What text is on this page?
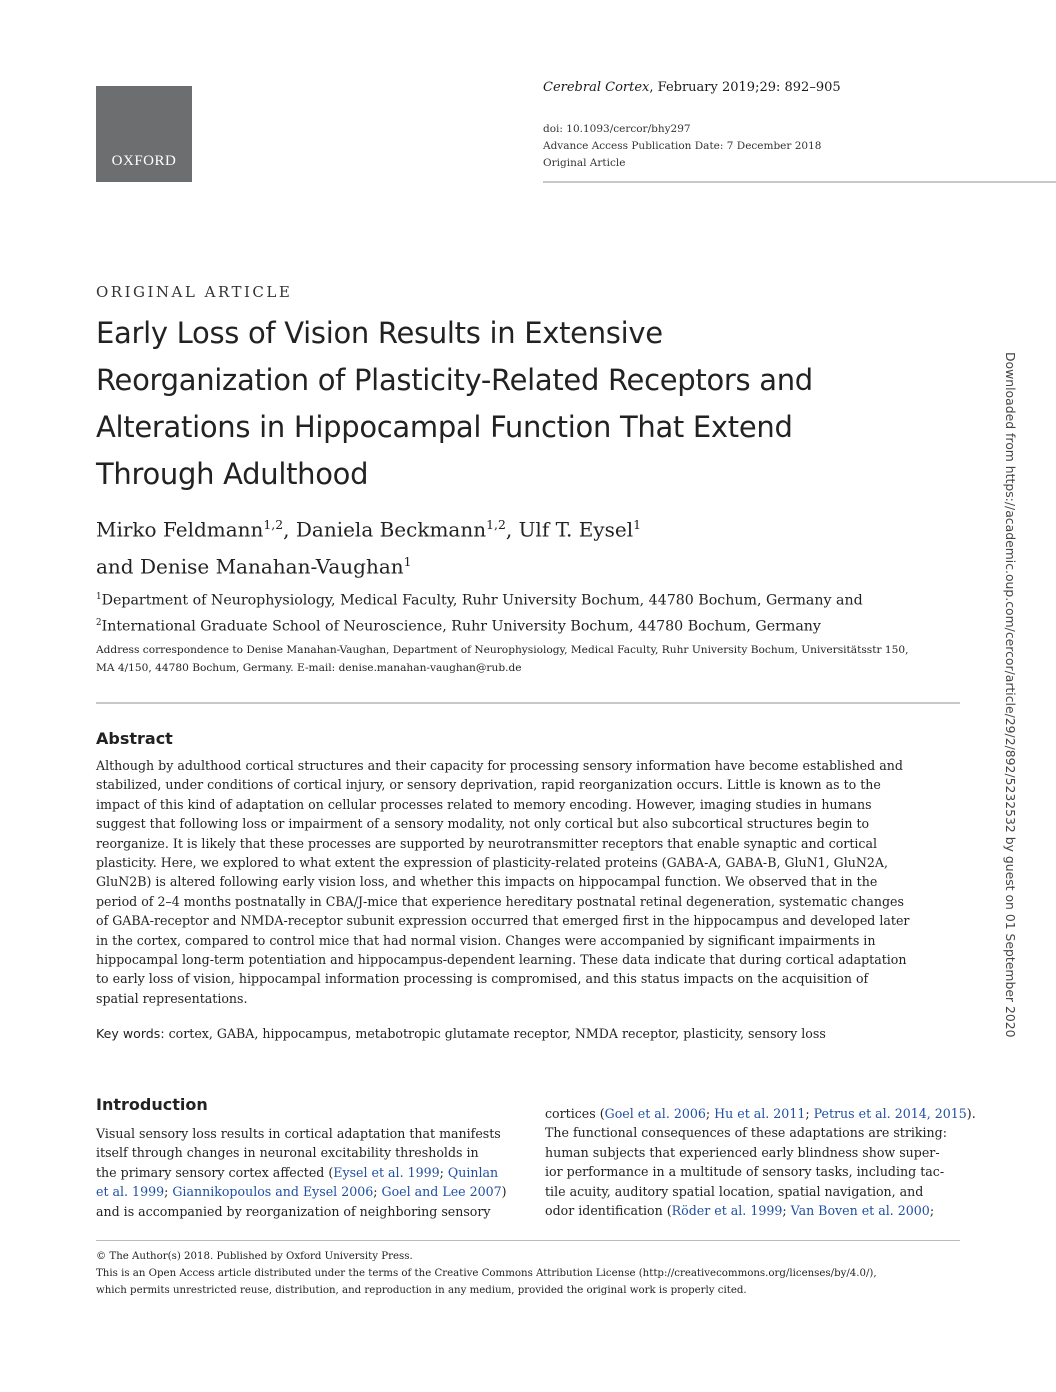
OXFORD
Cerebral Cortex, February 2019;29: 892–905
doi: 10.1093/cercor/bhy297
Advance Access Publication Date: 7 December 2018
Original Article
ORIGINAL ARTICLE
Early Loss of Vision Results in Extensive
Reorganization of Plasticity-Related Receptors and
Alterations in Hippocampal Function That Extend
Through Adulthood
Mirko Feldmann$^{1,2}$, Daniela Beckmann$^{1,2}$, Ulf T. Eysel$^1$
and Denise Manahan-Vaughan$^1$
$^1$Department of Neurophysiology, Medical Faculty, Ruhr University Bochum, 44780 Bochum, Germany and
$^2$International Graduate School of Neuroscience, Ruhr University Bochum, 44780 Bochum, Germany
Address correspondence to Denise Manahan-Vaughan, Department of Neurophysiology, Medical Faculty, Ruhr University Bochum, Universitätsstr 150,
MA 4/150, 44780 Bochum, Germany. E-mail: denise.manahan-vaughan@rub.de
Abstract
Although by adulthood cortical structures and their capacity for processing sensory information have become established and
stabilized, under conditions of cortical injury, or sensory deprivation, rapid reorganization occurs. Little is known as to the
impact of this kind of adaptation on cellular processes related to memory encoding. However, imaging studies in humans
suggest that following loss or impairment of a sensory modality, not only cortical but also subcortical structures begin to
reorganize. It is likely that these processes are supported by neurotransmitter receptors that enable synaptic and cortical
plasticity. Here, we explored to what extent the expression of plasticity-related proteins (GABA-A, GABA-B, GluN1, GluN2A,
GluN2B) is altered following early vision loss, and whether this impacts on hippocampal function. We observed that in the
period of 2–4 months postnatally in CBA/J-mice that experience hereditary postnatal retinal degeneration, systematic changes
of GABA-receptor and NMDA-receptor subunit expression occurred that emerged first in the hippocampus and developed later
in the cortex, compared to control mice that had normal vision. Changes were accompanied by significant impairments in
hippocampal long-term potentiation and hippocampus-dependent learning. These data indicate that during cortical adaptation
to early loss of vision, hippocampal information processing is compromised, and this status impacts on the acquisition of
spatial representations.
Key words: cortex, GABA, hippocampus, metabotropic glutamate receptor, NMDA receptor, plasticity, sensory loss
Introduction
Visual sensory loss results in cortical adaptation that manifests
itself through changes in neuronal excitability thresholds in
the primary sensory cortex affected (Eysel et al. 1999; Quinlan
et al. 1999; Giannikopoulos and Eysel 2006; Goel and Lee 2007)
and is accompanied by reorganization of neighboring sensory
cortices (Goel et al. 2006; Hu et al. 2011; Petrus et al. 2014, 2015).
The functional consequences of these adaptations are striking:
human subjects that experienced early blindness show super-
ior performance in a multitude of sensory tasks, including tac-
tile acuity, auditory spatial location, spatial navigation, and
odor identification (Röder et al. 1999; Van Boven et al. 2000;
© The Author(s) 2018. Published by Oxford University Press.
This is an Open Access article distributed under the terms of the Creative Commons Attribution License (http://creativecommons.org/licenses/by/4.0/),
which permits unrestricted reuse, distribution, and reproduction in any medium, provided the original work is properly cited.
Downloaded from https://academic.oup.com/cercor/article/29/2/892/5232532 by guest on 01 September 2020
